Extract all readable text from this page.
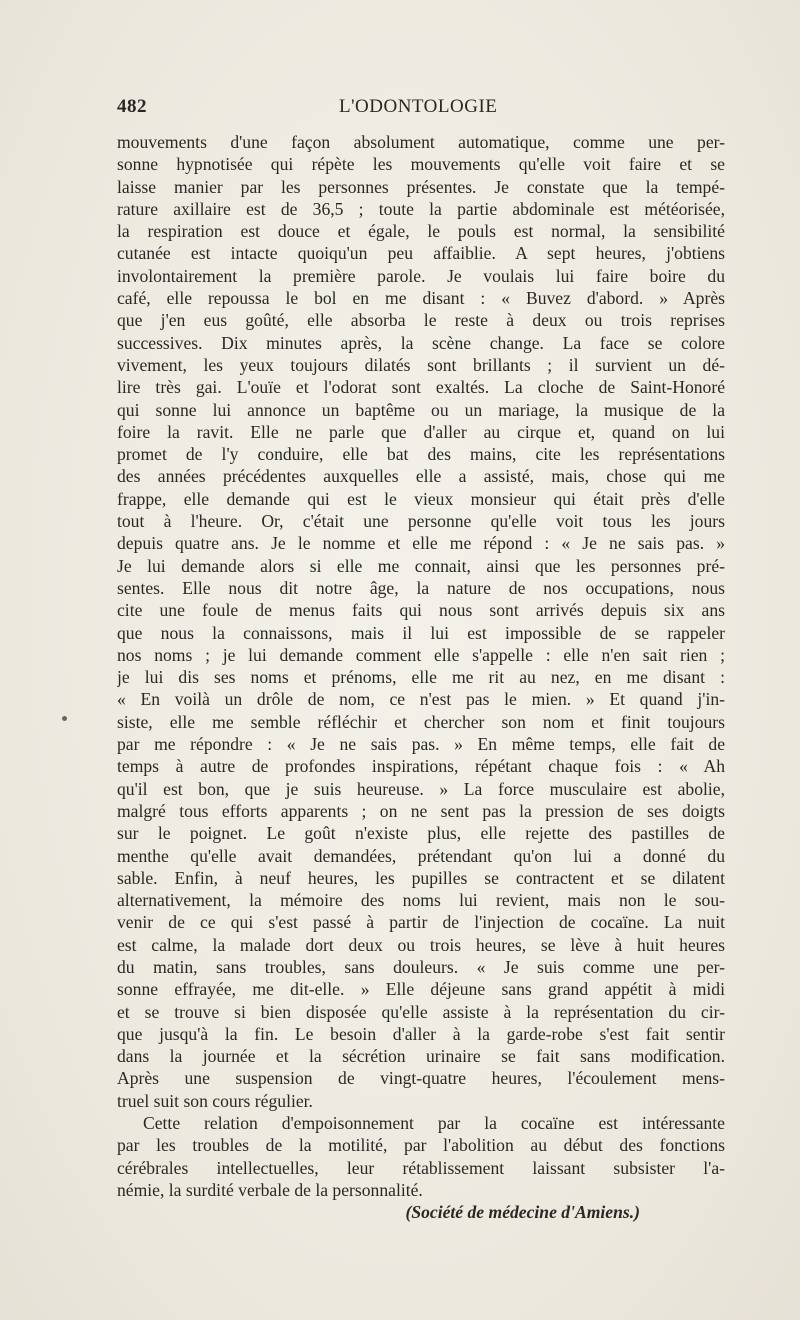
482	L'ODONTOLOGIE
mouvements d'une façon absolument automatique, comme une per-
sonne hypnotisée qui répète les mouvements qu'elle voit faire et se
laisse manier par les personnes présentes. Je constate que la tempé-
rature axillaire est de 36,5 ; toute la partie abdominale est météorisée,
la respiration est douce et égale, le pouls est normal, la sensibilité
cutanée est intacte quoiqu'un peu affaiblie. A sept heures, j'obtiens
involontairement la première parole. Je voulais lui faire boire du
café, elle repoussa le bol en me disant : « Buvez d'abord. » Après
que j'en eus goûté, elle absorba le reste à deux ou trois reprises
successives. Dix minutes après, la scène change. La face se colore
vivement, les yeux toujours dilatés sont brillants ; il survient un dé-
lire très gai. L'ouïe et l'odorat sont exaltés. La cloche de Saint-Honoré
qui sonne lui annonce un baptême ou un mariage, la musique de la
foire la ravit. Elle ne parle que d'aller au cirque et, quand on lui
promet de l'y conduire, elle bat des mains, cite les représentations
des années précédentes auxquelles elle a assisté, mais, chose qui me
frappe, elle demande qui est le vieux monsieur qui était près d'elle
tout à l'heure. Or, c'était une personne qu'elle voit tous les jours
depuis quatre ans. Je le nomme et elle me répond : « Je ne sais pas. »
Je lui demande alors si elle me connait, ainsi que les personnes pré-
sentes. Elle nous dit notre âge, la nature de nos occupations, nous
cite une foule de menus faits qui nous sont arrivés depuis six ans
que nous la connaissons, mais il lui est impossible de se rappeler
nos noms ; je lui demande comment elle s'appelle : elle n'en sait rien ;
je lui dis ses noms et prénoms, elle me rit au nez, en me disant :
« En voilà un drôle de nom, ce n'est pas le mien. » Et quand j'in-
siste, elle me semble réfléchir et chercher son nom et finit toujours
par me répondre : « Je ne sais pas. » En même temps, elle fait de
temps à autre de profondes inspirations, répétant chaque fois : « Ah
qu'il est bon, que je suis heureuse. » La force musculaire est abolie,
malgré tous efforts apparents ; on ne sent pas la pression de ses doigts
sur le poignet. Le goût n'existe plus, elle rejette des pastilles de
menthe qu'elle avait demandées, prétendant qu'on lui a donné du
sable. Enfin, à neuf heures, les pupilles se contractent et se dilatent
alternativement, la mémoire des noms lui revient, mais non le sou-
venir de ce qui s'est passé à partir de l'injection de cocaïne. La nuit
est calme, la malade dort deux ou trois heures, se lève à huit heures
du matin, sans troubles, sans douleurs. « Je suis comme une per-
sonne effrayée, me dit-elle. » Elle déjeune sans grand appétit à midi
et se trouve si bien disposée qu'elle assiste à la représentation du cir-
que jusqu'à la fin. Le besoin d'aller à la garde-robe s'est fait sentir
dans la journée et la sécrétion urinaire se fait sans modification.
Après une suspension de vingt-quatre heures, l'écoulement mens-
truel suit son cours régulier.
Cette relation d'empoisonnement par la cocaïne est intéressante
par les troubles de la motilité, par l'abolition au début des fonctions
cérébrales intellectuelles, leur rétablissement laissant subsister l'a-
némie, la surdité verbale de la personnalité.
(Société de médecine d'Amiens.)
